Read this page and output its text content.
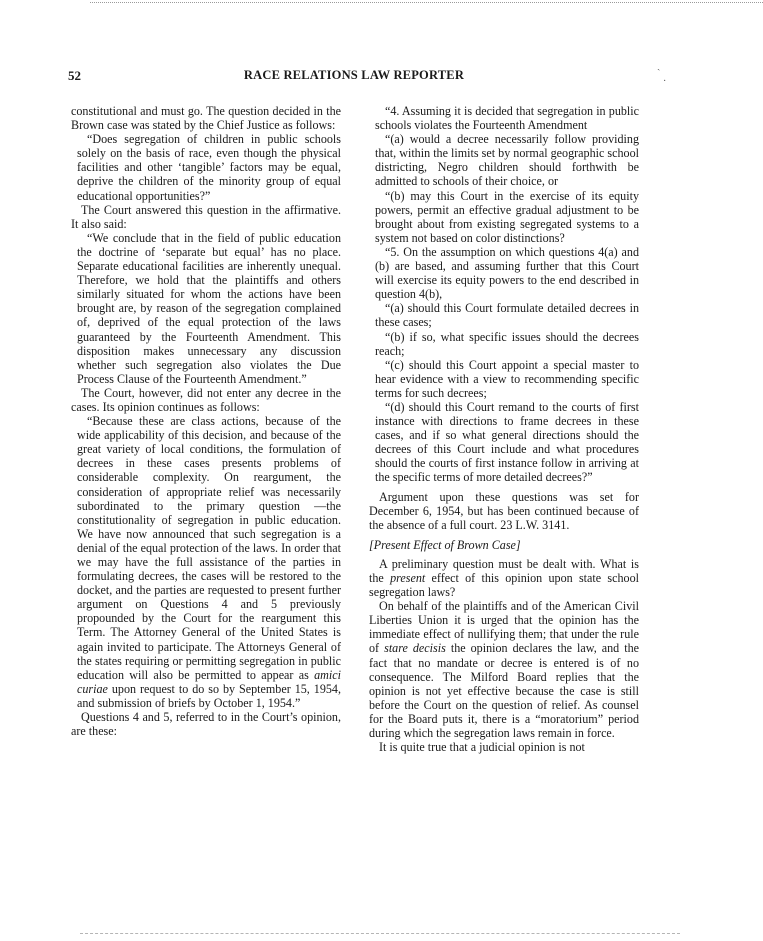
ˎ
·
52	RACE RELATIONS LAW REPORTER

constitutional and must go. The question decided in the Brown case was stated by the Chief Justice as follows:

“Does segregation of children in public schools solely on the basis of race, even though the physical facilities and other ‘tangible’ factors may be equal, deprive the children of the minority group of equal educational opportunities?”

The Court answered this question in the affirmative. It also said:

“We conclude that in the field of public education the doctrine of ‘separate but equal’ has no place. Separate educational facilities are inherently unequal. Therefore, we hold that the plaintiffs and others similarly situated for whom the actions have been brought are, by reason of the segregation complained of, deprived of the equal protection of the laws guaranteed by the Fourteenth Amendment. This disposition makes unnecessary any discussion whether such segregation also violates the Due Process Clause of the Fourteenth Amendment.”

The Court, however, did not enter any decree in the cases. Its opinion continues as follows:

“Because these are class actions, because of the wide applicability of this decision, and because of the great variety of local conditions, the formulation of decrees in these cases presents problems of considerable complexity. On reargument, the consideration of appropriate relief was necessarily subordinated to the primary question —the constitutionality of segregation in public education. We have now announced that such segregation is a denial of the equal protection of the laws. In order that we may have the full assistance of the parties in formulating decrees, the cases will be restored to the docket, and the parties are requested to present further argument on Questions 4 and 5 previously propounded by the Court for the reargument this Term. The Attorney General of the United States is again invited to participate. The Attorneys General of the states requiring or permitting segregation in public education will also be permitted to appear as amici curiae upon request to do so by September 15, 1954, and submission of briefs by October 1, 1954.”

Questions 4 and 5, referred to in the Court’s opinion, are these:

“4. Assuming it is decided that segregation in public schools violates the Fourteenth Amendment

“(a) would a decree necessarily follow providing that, within the limits set by normal geographic school districting, Negro children should forthwith be admitted to schools of their choice, or

“(b) may this Court in the exercise of its equity powers, permit an effective gradual adjustment to be brought about from existing segregated systems to a system not based on color distinctions?

“5. On the assumption on which questions 4(a) and (b) are based, and assuming further that this Court will exercise its equity powers to the end described in question 4(b),

“(a) should this Court formulate detailed decrees in these cases;

“(b) if so, what specific issues should the decrees reach;

“(c) should this Court appoint a special master to hear evidence with a view to recommending specific terms for such decrees;

“(d) should this Court remand to the courts of first instance with directions to frame decrees in these cases, and if so what general directions should the decrees of this Court include and what procedures should the courts of first instance follow in arriving at the specific terms of more detailed decrees?”

Argument upon these questions was set for December 6, 1954, but has been continued because of the absence of a full court. 23 L.W. 3141.

[Present Effect of Brown Case]

A preliminary question must be dealt with. What is the present effect of this opinion upon state school segregation laws?

On behalf of the plaintiffs and of the American Civil Liberties Union it is urged that the opinion has the immediate effect of nullifying them; that under the rule of stare decisis the opinion declares the law, and the fact that no mandate or decree is entered is of no consequence. The Milford Board replies that the opinion is not yet effective because the case is still before the Court on the question of relief. As counsel for the Board puts it, there is a “moratorium” period during which the segregation laws remain in force.

It is quite true that a judicial opinion is not
